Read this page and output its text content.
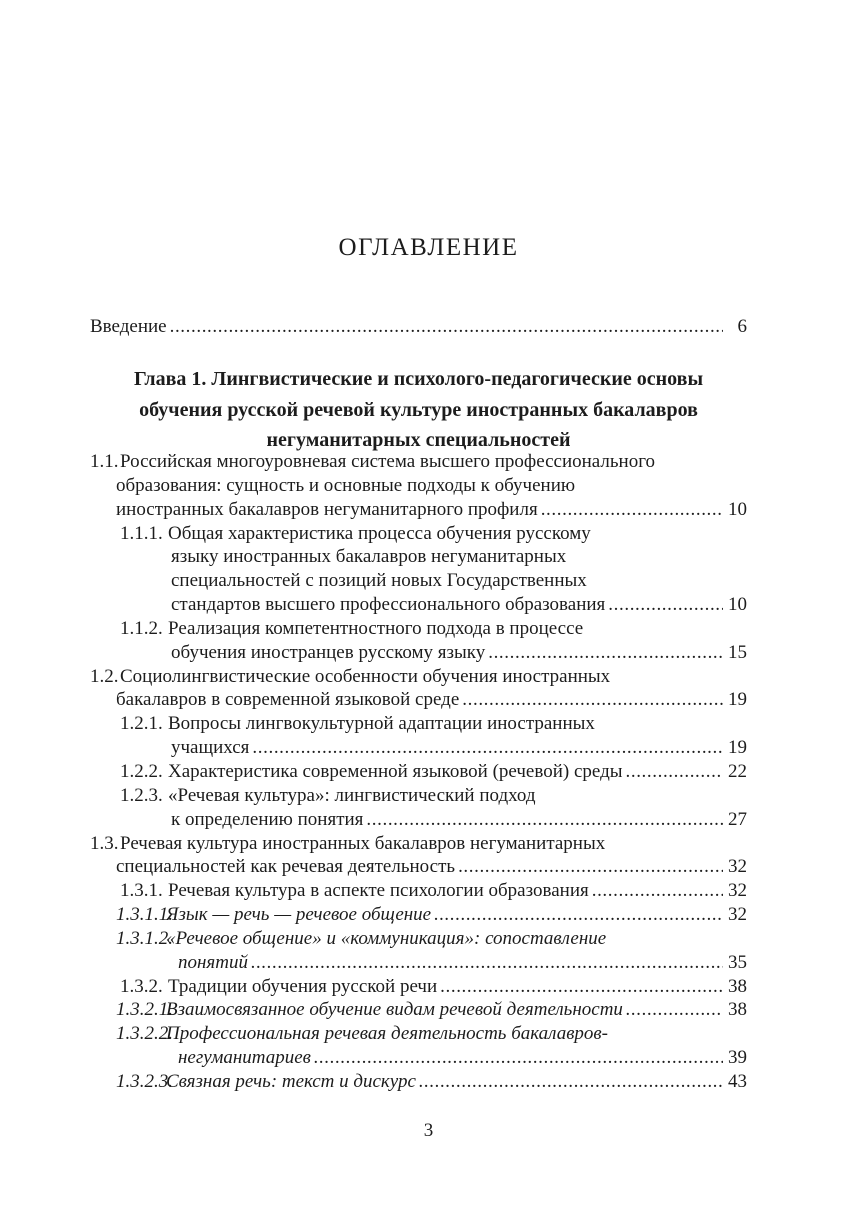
ОГЛАВЛЕНИЕ
Введение .....	6
Глава 1. Лингвистические и психолого-педагогические основы
обучения русской речевой культуре иностранных бакалавров
негуманитарных специальностей
1.1. Российская многоуровневая система высшего профессионального
образования: сущность и основные подходы к обучению
иностранных бакалавров негуманитарного профиля .....	10
1.1.1. Общая характеристика процесса обучения русскому
языку иностранных бакалавров негуманитарных
специальностей с позиций новых Государственных
стандартов высшего профессионального образования .....	10
1.1.2. Реализация компетентностного подхода в процессе
обучения иностранцев русскому языку .....	15
1.2. Социолингвистические особенности обучения иностранных
бакалавров в современной языковой среде .....	19
1.2.1. Вопросы лингвокультурной адаптации иностранных
учащихся .....	19
1.2.2. Характеристика современной языковой (речевой) среды .....	22
1.2.3. «Речевая культура»: лингвистический подход
к определению понятия .....	27
1.3. Речевая культура иностранных бакалавров негуманитарных
специальностей как речевая деятельность .....	32
1.3.1. Речевая культура в аспекте психологии образования .....	32
1.3.1.1.
Язык — речь — речевое общение .....	32
1.3.1.2.
«Речевое общение» и «коммуникация»: сопоставление
понятий .....	35
1.3.2. Традиции обучения русской речи .....	38
1.3.2.1.
Взаимосвязанное обучение видам речевой деятельности .....	38
1.3.2.2.
Профессиональная речевая деятельность бакалавров-
негуманитариев .....	39
1.3.2.3.
Связная речь: текст и дискурс .....	43
3
